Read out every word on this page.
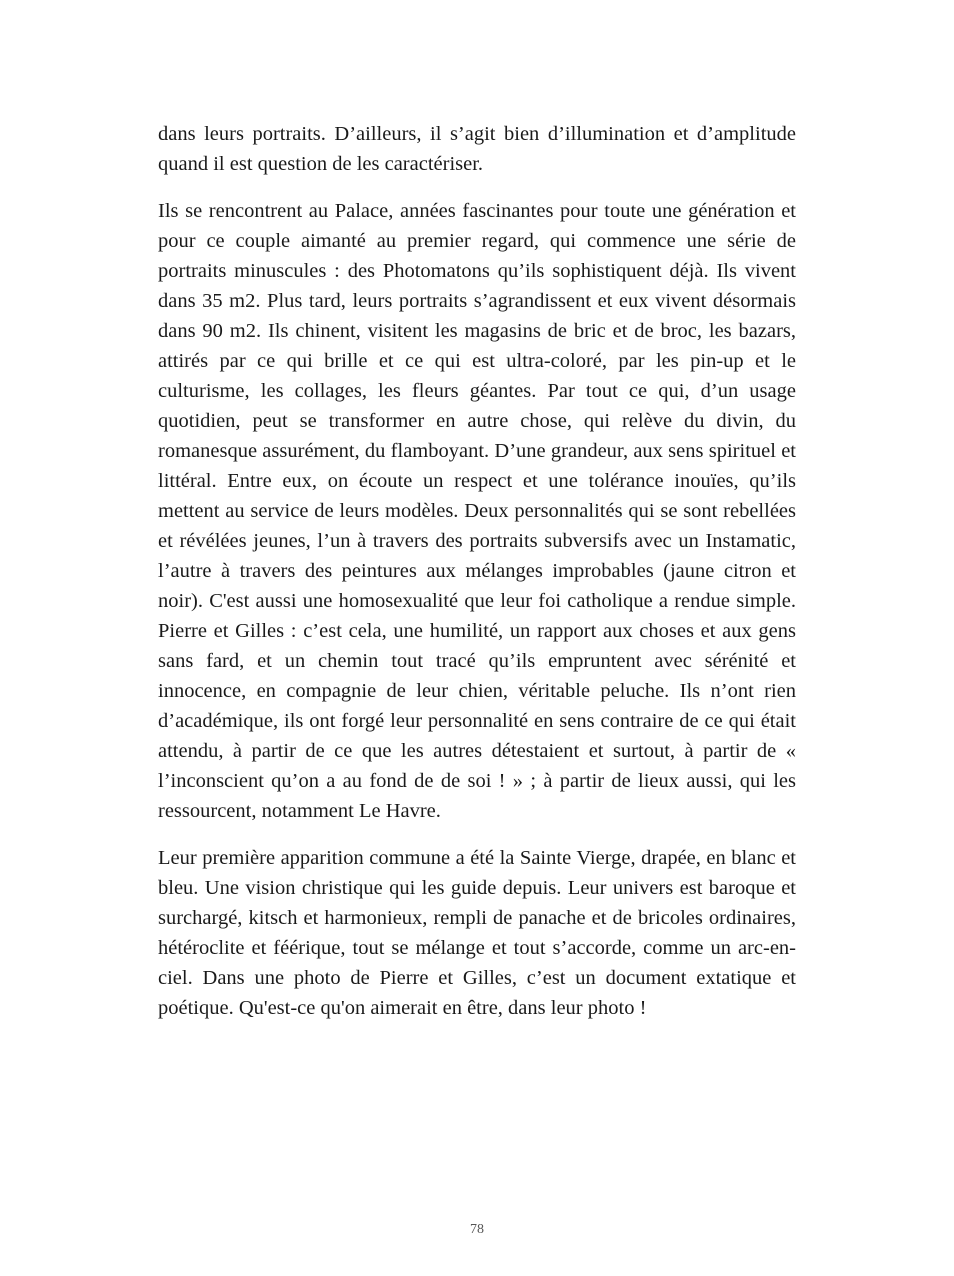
dans leurs portraits. D’ailleurs, il s’agit bien d’illumination et d’amplitude quand il est question de les caractériser.

Ils se rencontrent au Palace, années fascinantes pour toute une génération et pour ce couple aimanté au premier regard, qui commence une série de portraits minuscules : des Photomatons qu’ils sophistiquent déjà. Ils vivent dans 35 m2. Plus tard, leurs portraits s’agrandissent et eux vivent désormais dans 90 m2. Ils chinent, visitent les magasins de bric et de broc, les bazars, attirés par ce qui brille et ce qui est ultra-coloré, par les pin-up et le culturisme, les collages, les fleurs géantes. Par tout ce qui, d’un usage quotidien, peut se transformer en autre chose, qui relève du divin, du romanesque assurément, du flamboyant. D’une grandeur, aux sens spirituel et littéral. Entre eux, on écoute un respect et une tolérance inouïes, qu’ils mettent au service de leurs modèles. Deux personnalités qui se sont rebellées et révélées jeunes, l’un à travers des portraits subversifs avec un Instamatic, l’autre à travers des peintures aux mélanges improbables (jaune citron et noir). C'est aussi une homosexualité que leur foi catholique a rendue simple. Pierre et Gilles : c’est cela, une humilité, un rapport aux choses et aux gens sans fard, et un chemin tout tracé qu’ils empruntent avec sérénité et innocence, en compagnie de leur chien, véritable peluche. Ils n’ont rien d’académique, ils ont forgé leur personnalité en sens contraire de ce qui était attendu, à partir de ce que les autres détestaient et surtout, à partir de « l’inconscient qu’on a au fond de de soi ! » ; à partir de lieux aussi, qui les ressourcent, notamment Le Havre.

Leur première apparition commune a été la Sainte Vierge, drapée, en blanc et bleu. Une vision christique qui les guide depuis. Leur univers est baroque et surchargé, kitsch et harmonieux, rempli de panache et de bricoles ordinaires, hétéroclite et féérique, tout se mélange et tout s’accorde, comme un arc-en-ciel. Dans une photo de Pierre et Gilles, c’est un document extatique et poétique. Qu'est-ce qu'on aimerait en être, dans leur photo !

78
